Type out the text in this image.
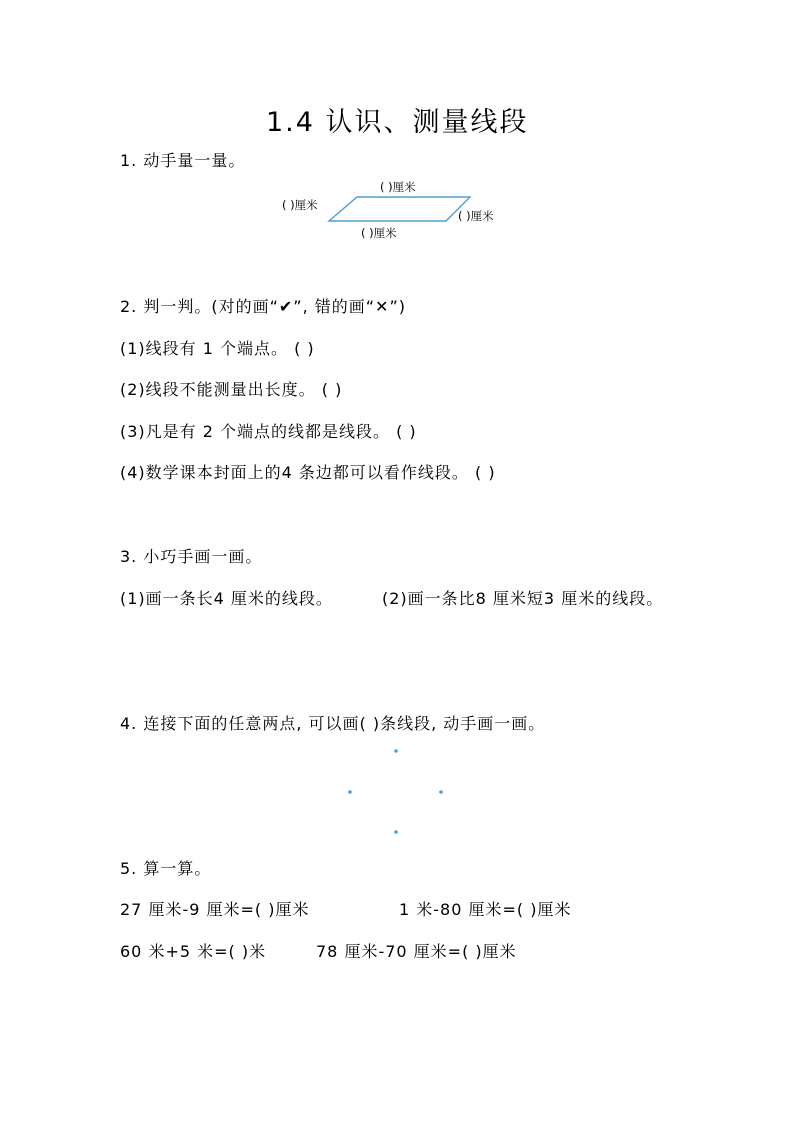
1.4 认识、测量线段
1. 动手量一量。
( )厘米
( )厘米
( )厘米
( )厘米
2. 判一判。(对的画“✔”, 错的画“✕”)
(1)线段有 1 个端点。 ( )
(2)线段不能测量出长度。 ( )
(3)凡是有 2 个端点的线都是线段。 ( )
(4)数学课本封面上的4 条边都可以看作线段。 ( )
3. 小巧手画一画。
(1)画一条长4 厘米的线段。	(2)画一条比8 厘米短3 厘米的线段。
4. 连接下面的任意两点, 可以画( )条线段, 动手画一画。
5. 算一算。
27 厘米-9 厘米=( )厘米	1 米-80 厘米=( )厘米
60 米+5 米=( )米	78 厘米-70 厘米=( )厘米
